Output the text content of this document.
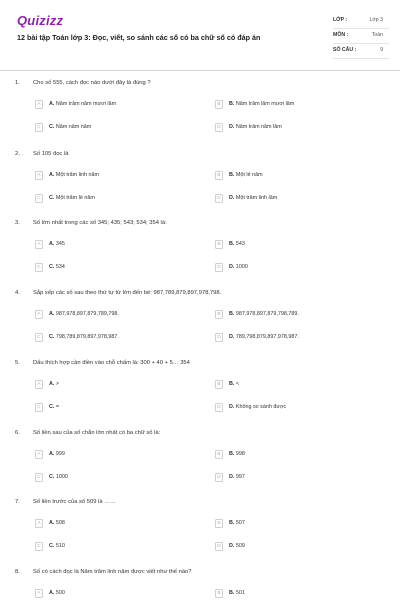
Quizizz
12 bài tập Toán lớp 3: Đọc, viết, so sánh các số có ba chữ số có đáp án
LỚP :	Lớp 3
MÔN :	Toán
SỐ CÂU :	9
1. Cho số 555, cách đọc nào dưới đây là đúng ?
A	A. Năm trăm năm mươi lăm	B	B. Năm trăm lăm mươi lăm
C	C. Năm năm năm	D	D. Năm trăm năm lăm
2. Số 105 đọc là
A	A. Một trăm linh năm	B	B. Một lẻ năm
C	C. Một trăm lẻ năm	D	D. Một trăm linh lăm
3. Số lớn nhất trong các số 345; 435; 543; 534; 354 là:
A	A. 345	B	B. 543
C	C. 534	D	D. 1000
4. Sắp xếp các số sau theo thứ tự từ lớn đến bé: 987,789,879,897,978,798.
A	A. 987,978,897,879,789,798.	B	B. 987,978,897,879,798,789.
C	C. 798,789,879,897,978,987.	D	D. 789,798,879,897,978,987.
5. Dấu thích hợp cần điền vào chỗ chấm là: 300 + 40 + 5… 354
A	A. >	B	B. <
C	C. =	D	D. Không so sánh được
6. Số liền sau của số chẵn lớn nhất có ba chữ số là:
A	A. 999	B	B. 998
C	C. 1000	D	D. 997
7. Số liền trước của số 509 là ……
A	A. 508	B	B. 507
C	C. 510	D	D. 509
8. Số có cách đọc là Năm trăm linh năm được viết như thế nào?
A	A. 500	B	B. 501
